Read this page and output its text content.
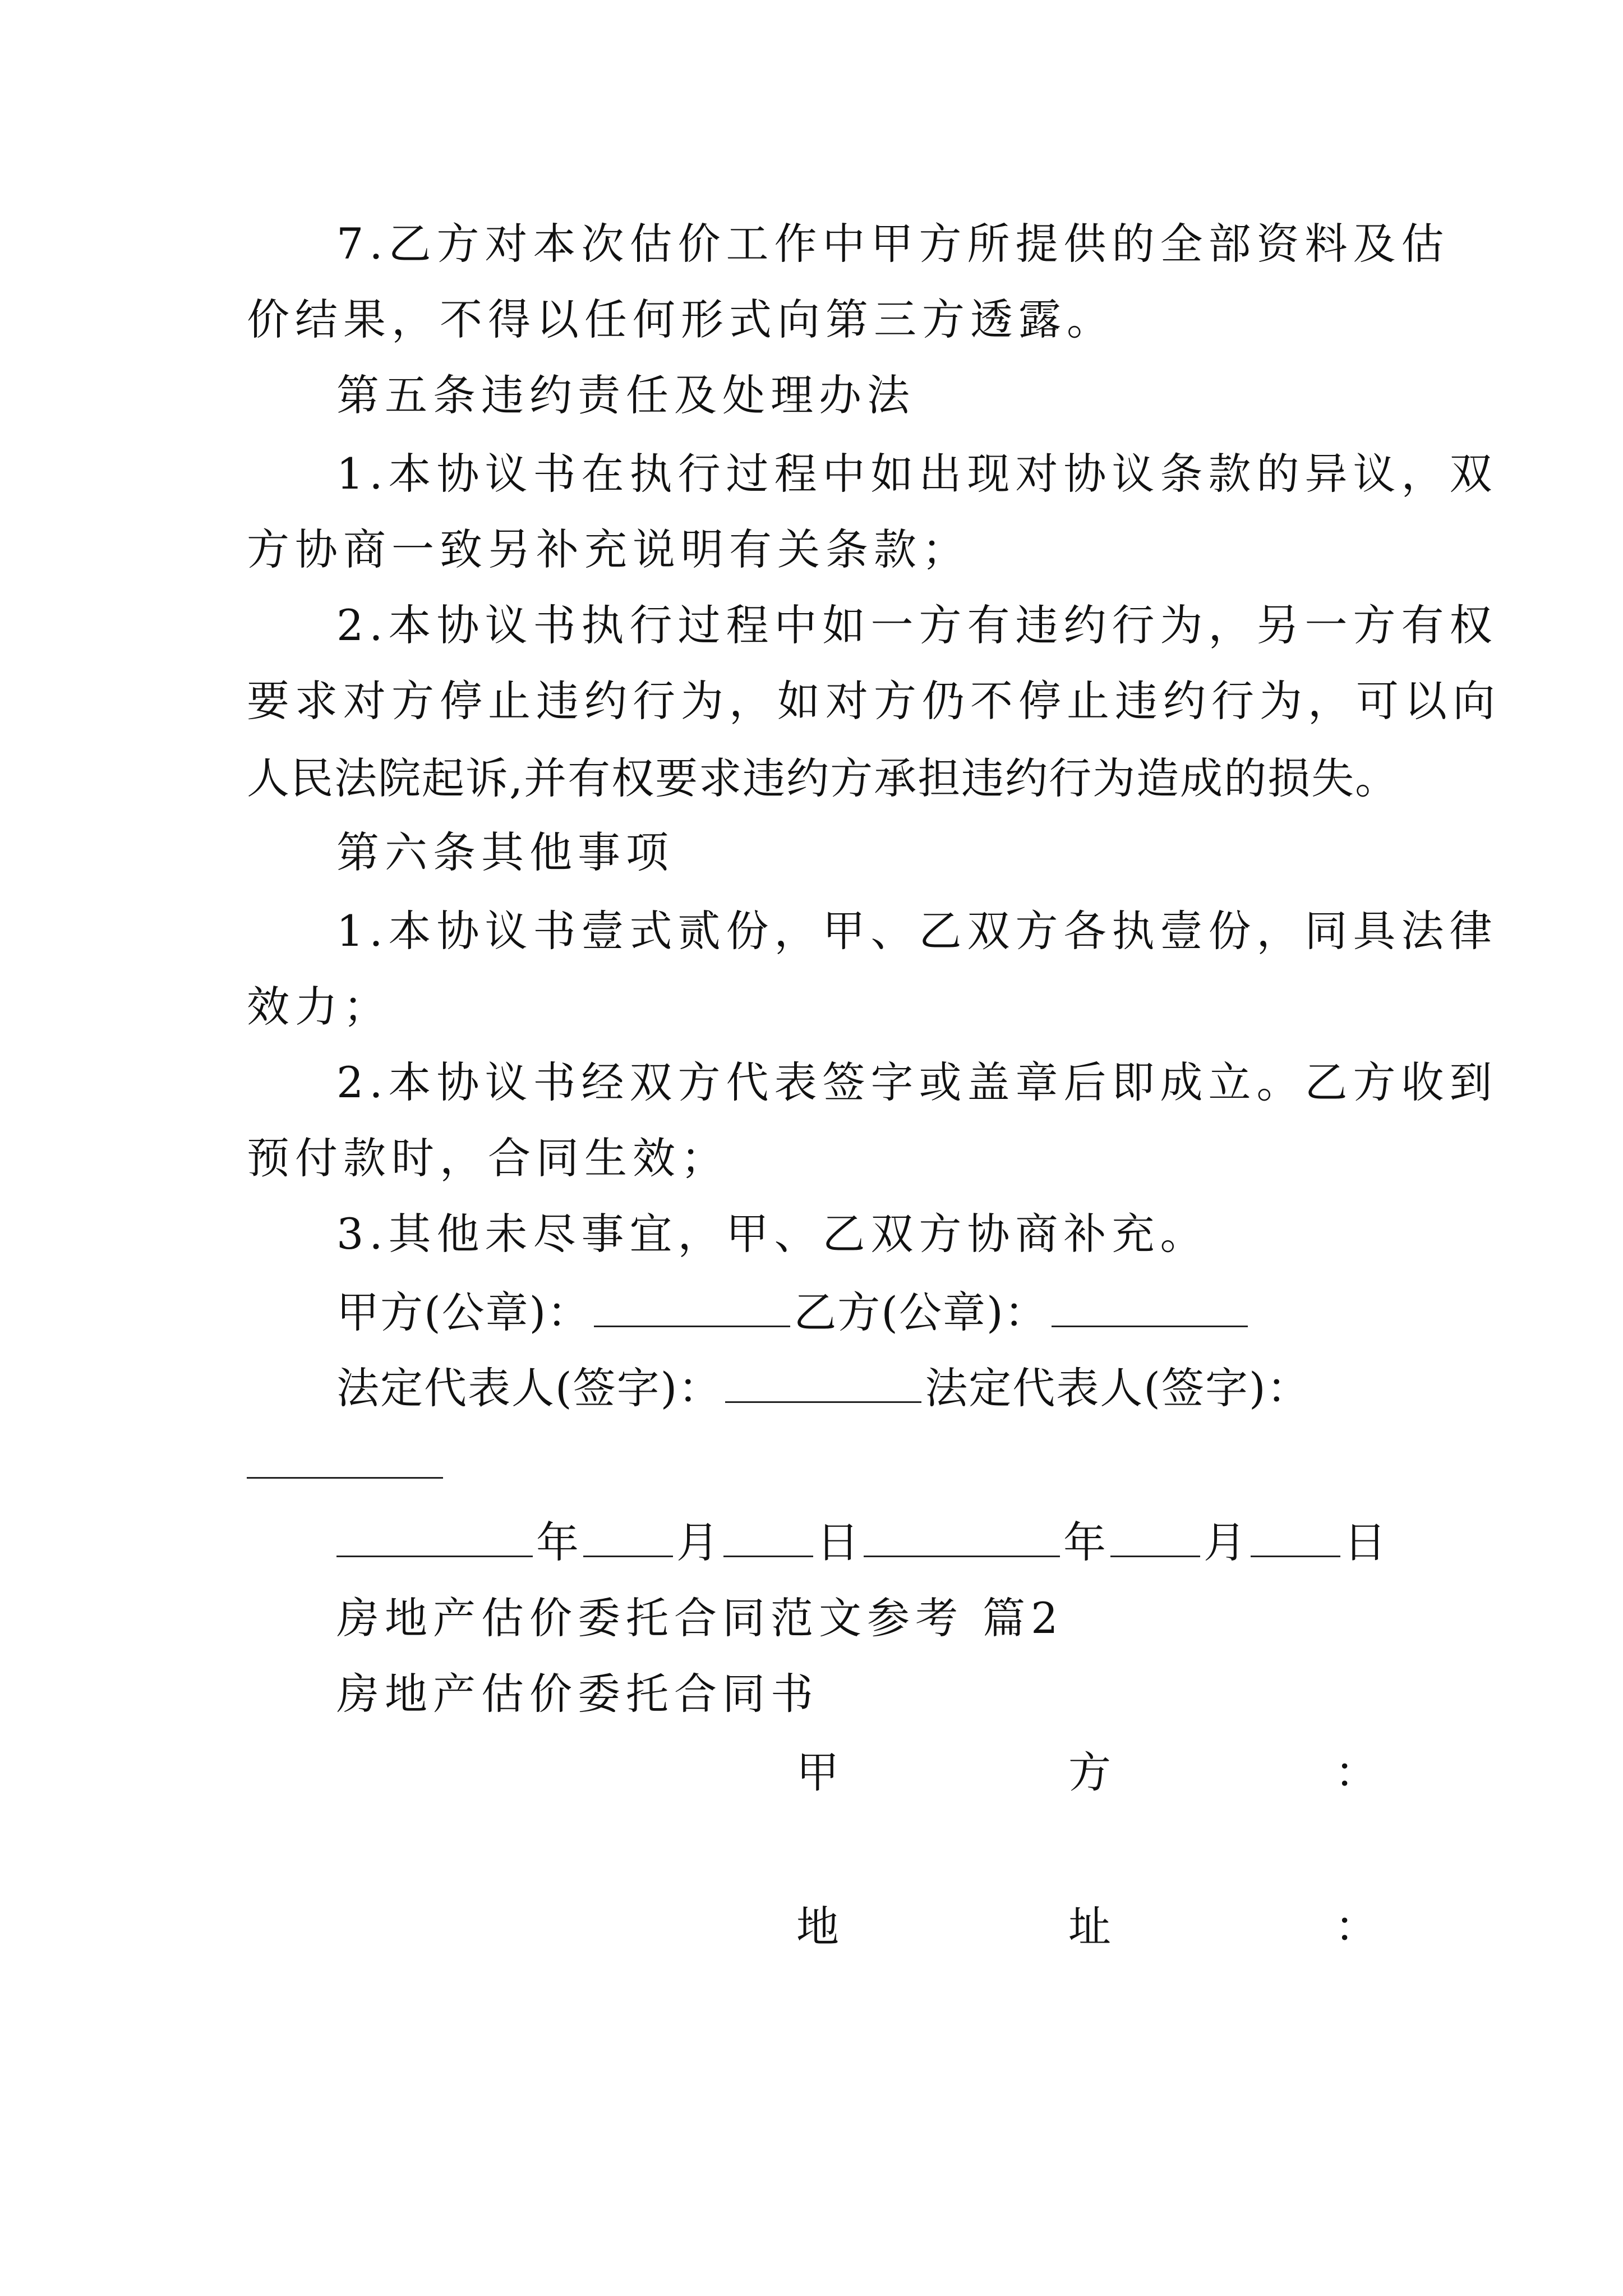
7.乙方对本次估价工作中甲方所提供的全部资料及估
价结果，不得以任何形式向第三方透露。
第五条违约责任及处理办法
1.本协议书在执行过程中如出现对协议条款的异议，双
方协商一致另补充说明有关条款；
2.本协议书执行过程中如一方有违约行为，另一方有权
要求对方停止违约行为，如对方仍不停止违约行为，可以向
人民法院起诉,并有权要求违约方承担违约行为造成的损失。
第六条其他事项
1.本协议书壹式贰份，甲、乙双方各执壹份，同具法律
效力；
2.本协议书经双方代表签字或盖章后即成立。乙方收到
预付款时，合同生效；
3.其他未尽事宜，甲、乙双方协商补充。
甲方(公章)：	乙方(公章)：
法定代表人(签字)：	法定代表人(签字)：
年 月 日	年 月 日
房地产估价委托合同范文参考 篇2
房地产估价委托合同书
甲	方	：
地	址	：
